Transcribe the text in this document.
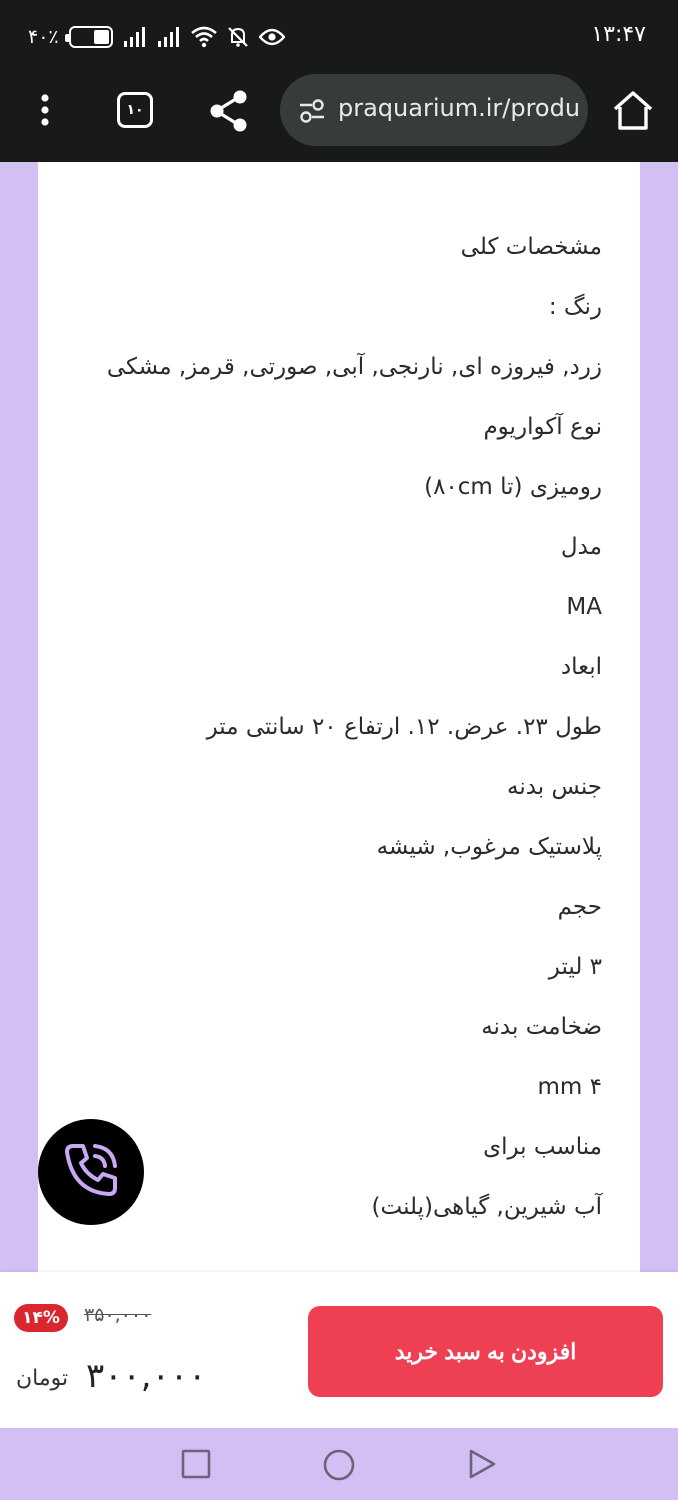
۴۰٪	۱۳:۴۷
۱۰	praquarium.ir/produ
مشخصات کلی
رنگ :
زرد, فیروزه ای, نارنجی, آبی, صورتی, قرمز, مشکی
نوع آکواریوم
رومیزی (تا ۸۰cm)
مدل
MA
ابعاد
طول ۲۳. عرض. ۱۲. ارتفاع ۲۰ سانتی متر
جنس بدنه
پلاستیک مرغوب, شیشه
حجم
۳ لیتر
ضخامت بدنه
mm ۴
مناسب برای
آب شیرین, گیاهی(پلنت)
۱۴%	۳۵۰,۰۰۰
۳۰۰,۰۰۰
تومان
افزودن به سبد خرید
